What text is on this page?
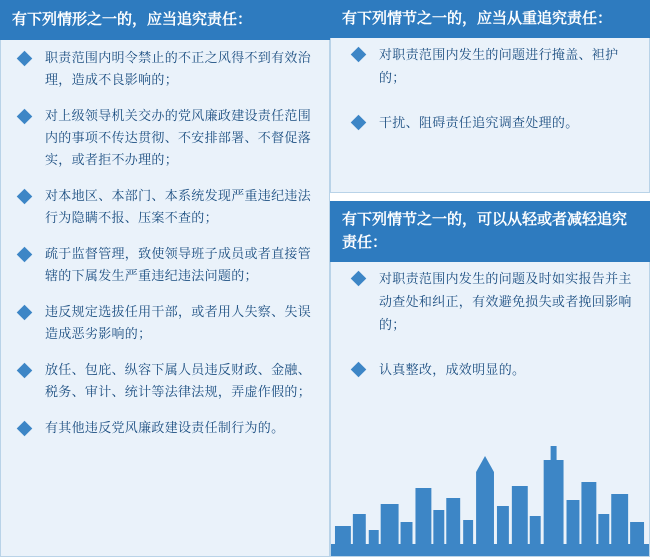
有下列情形之一的，应当追究责任：
职责范围内明令禁止的不正之风得不到有效治理，造成不良影响的；
对上级领导机关交办的党风廉政建设责任范围内的事项不传达贯彻、不安排部署、不督促落实，或者拒不办理的；
对本地区、本部门、本系统发现严重违纪违法行为隐瞒不报、压案不查的；
疏于监督管理，致使领导班子成员或者直接管辖的下属发生严重违纪违法问题的；
违反规定选拔任用干部，或者用人失察、失误造成恶劣影响的；
放任、包庇、纵容下属人员违反财政、金融、税务、审计、统计等法律法规，弄虚作假的；
有其他违反党风廉政建设责任制行为的。
有下列情节之一的，应当从重追究责任：
对职责范围内发生的问题进行掩盖、袒护的；
干扰、阻碍责任追究调查处理的。
有下列情节之一的，可以从轻或者减轻追究责任：
对职责范围内发生的问题及时如实报告并主动查处和纠正，有效避免损失或者挽回影响的；
认真整改，成效明显的。
